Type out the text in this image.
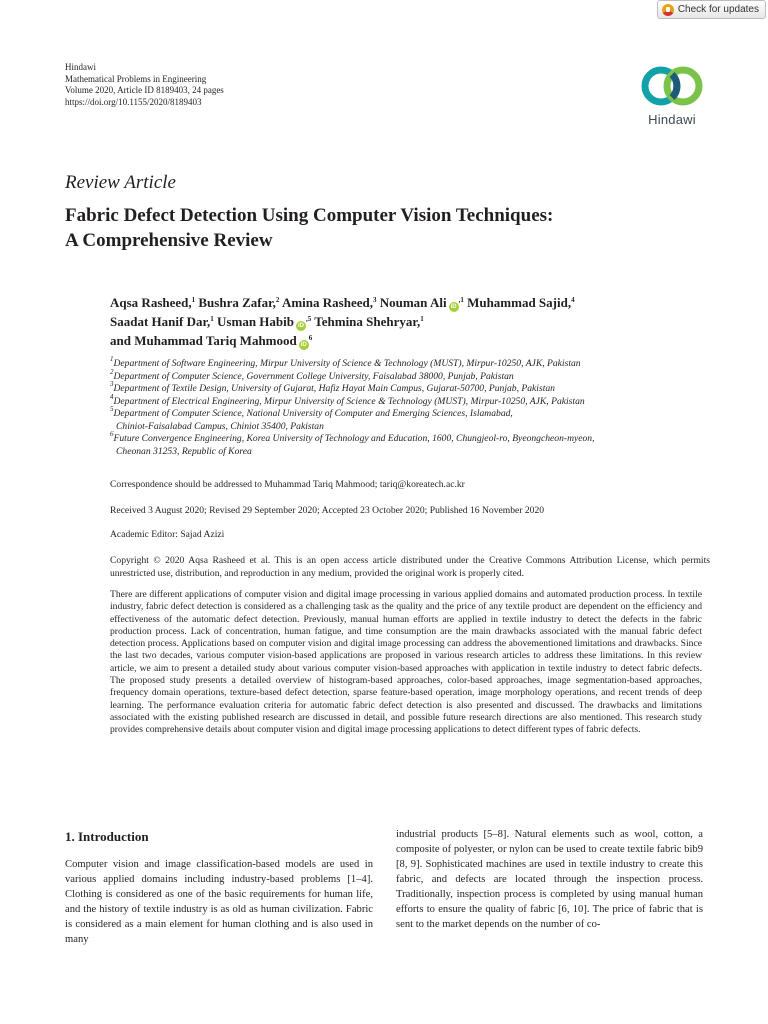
Check for updates
Hindawi
Mathematical Problems in Engineering
Volume 2020, Article ID 8189403, 24 pages
https://doi.org/10.1155/2020/8189403
Hindawi
Review Article
Fabric Defect Detection Using Computer Vision Techniques:
A Comprehensive Review
Aqsa Rasheed,$^1$ Bushra Zafar,$^2$ Amina Rasheed,$^3$ Nouman Ali $iD^{,1}$ Muhammad Sajid,$^4$
Saadat Hanif Dar,$^1$ Usman Habib $iD^{,5}$ Tehmina Shehryar,$^1$
and Muhammad Tariq Mahmood $iD^6$
$^1$Department of Software Engineering, Mirpur University of Science & Technology (MUST), Mirpur-10250, AJK, Pakistan
$^2$Department of Computer Science, Government College University, Faisalabad 38000, Punjab, Pakistan
$^3$Department of Textile Design, University of Gujarat, Hafiz Hayat Main Campus, Gujarat-50700, Punjab, Pakistan
$^4$Department of Electrical Engineering, Mirpur University of Science & Technology (MUST), Mirpur-10250, AJK, Pakistan
$^5$Department of Computer Science, National University of Computer and Emerging Sciences, Islamabad,
Chiniot-Faisalabad Campus, Chiniot 35400, Pakistan
$^6$Future Convergence Engineering, Korea University of Technology and Education, 1600, Chungjeol-ro, Byeongcheon-myeon,
Cheonan 31253, Republic of Korea
Correspondence should be addressed to Muhammad Tariq Mahmood; tariq@koreatech.ac.kr
Received 3 August 2020; Revised 29 September 2020; Accepted 23 October 2020; Published 16 November 2020
Academic Editor: Sajad Azizi
Copyright © 2020 Aqsa Rasheed et al. This is an open access article distributed under the Creative Commons Attribution License, which permits unrestricted use, distribution, and reproduction in any medium, provided the original work is properly cited.
There are different applications of computer vision and digital image processing in various applied domains and automated production process. In textile industry, fabric defect detection is considered as a challenging task as the quality and the price of any textile product are dependent on the efficiency and effectiveness of the automatic defect detection. Previously, manual human efforts are applied in textile industry to detect the defects in the fabric production process. Lack of concentration, human fatigue, and time consumption are the main drawbacks associated with the manual fabric defect detection process. Applications based on computer vision and digital image processing can address the abovementioned limitations and drawbacks. Since the last two decades, various computer vision-based applications are proposed in various research articles to address these limitations. In this review article, we aim to present a detailed study about various computer vision-based approaches with application in textile industry to detect fabric defects. The proposed study presents a detailed overview of histogram-based approaches, color-based approaches, image segmentation-based approaches, frequency domain operations, texture-based defect detection, sparse feature-based operation, image morphology operations, and recent trends of deep learning. The performance evaluation criteria for automatic fabric defect detection is also presented and discussed. The drawbacks and limitations associated with the existing published research are discussed in detail, and possible future research directions are also mentioned. This research study provides comprehensive details about computer vision and digital image processing applications to detect different types of fabric defects.
1. Introduction
Computer vision and image classification-based models are used in various applied domains including industry-based problems [1–4]. Clothing is considered as one of the basic requirements for human life, and the history of textile industry is as old as human civilization. Fabric is considered as a main element for human clothing and is also used in many
industrial products [5–8]. Natural elements such as wool, cotton, a composite of polyester, or nylon can be used to create textile fabric bib9 [8, 9]. Sophisticated machines are used in textile industry to create this fabric, and defects are located through the inspection process. Traditionally, inspection process is completed by using manual human efforts to ensure the quality of fabric [6, 10]. The price of fabric that is sent to the market depends on the number of co-
